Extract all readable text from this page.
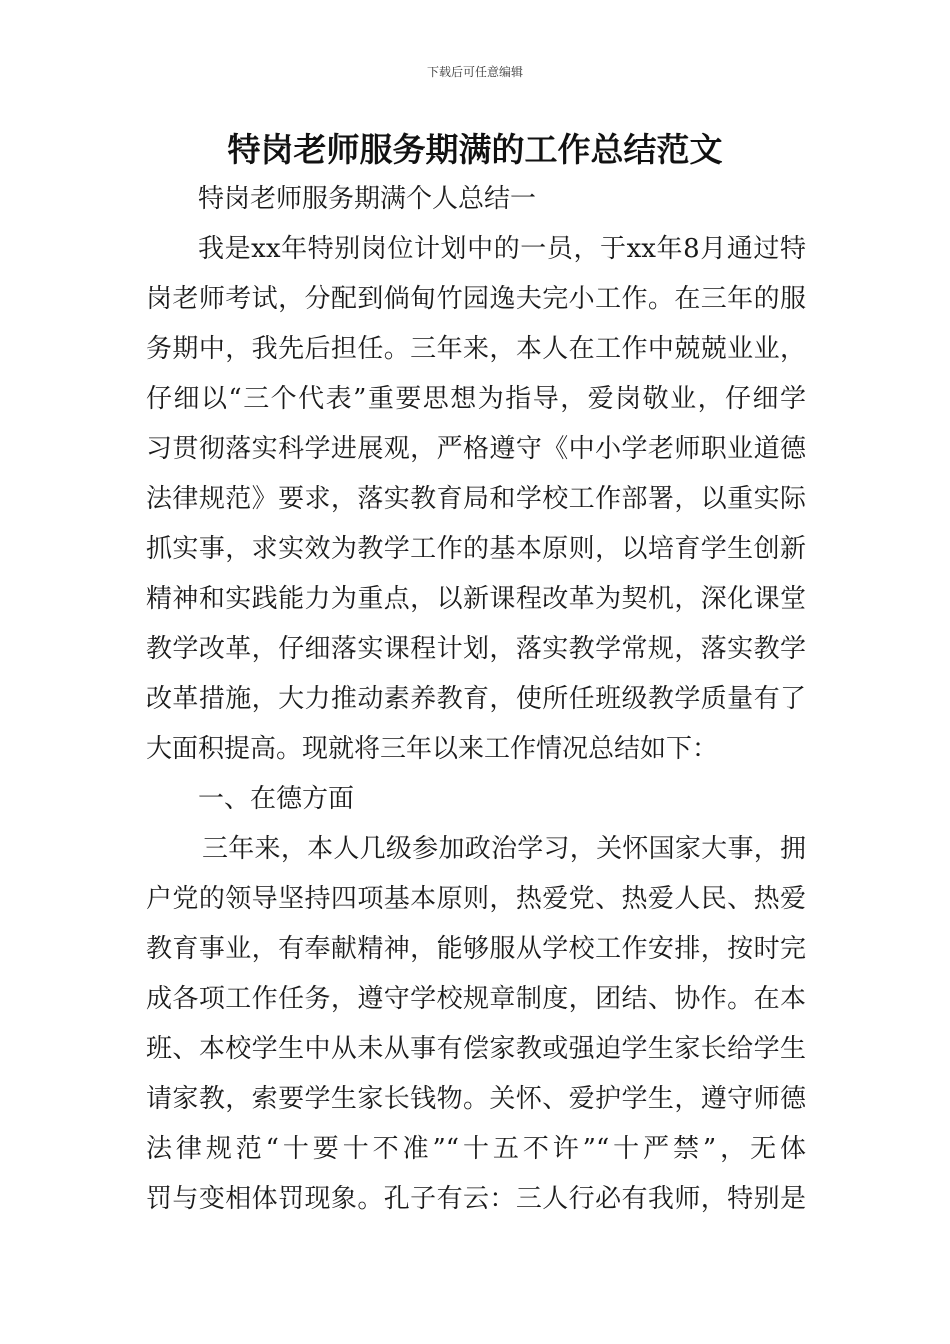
下载后可任意编辑
特岗老师服务期满的工作总结范文
特岗老师服务期满个人总结一
我是xx年特别岗位计划中的一员，于xx年8月通过特
岗老师考试，分配到倘甸竹园逸夫完小工作。在三年的服
务期中，我先后担任。三年来，本人在工作中兢兢业业，
仔细以“三个代表”重要思想为指导，爱岗敬业，仔细学
习贯彻落实科学进展观，严格遵守《中小学老师职业道德
法律规范》要求，落实教育局和学校工作部署，以重实际
抓实事，求实效为教学工作的基本原则，以培育学生创新
精神和实践能力为重点，以新课程改革为契机，深化课堂
教学改革，仔细落实课程计划，落实教学常规，落实教学
改革措施，大力推动素养教育，使所任班级教学质量有了
大面积提高。现就将三年以来工作情况总结如下：
一、在德方面
三年来，本人几级参加政治学习，关怀国家大事，拥
户党的领导坚持四项基本原则，热爱党、热爱人民、热爱
教育事业，有奉献精神，能够服从学校工作安排，按时完
成各项工作任务，遵守学校规章制度，团结、协作。在本
班、本校学生中从未从事有偿家教或强迫学生家长给学生
请家教，索要学生家长钱物。关怀、爱护学生，遵守师德
法律规范“十要十不准”“十五不许”“十严禁”，无体
罚与变相体罚现象。孔子有云：三人行必有我师，特别是
